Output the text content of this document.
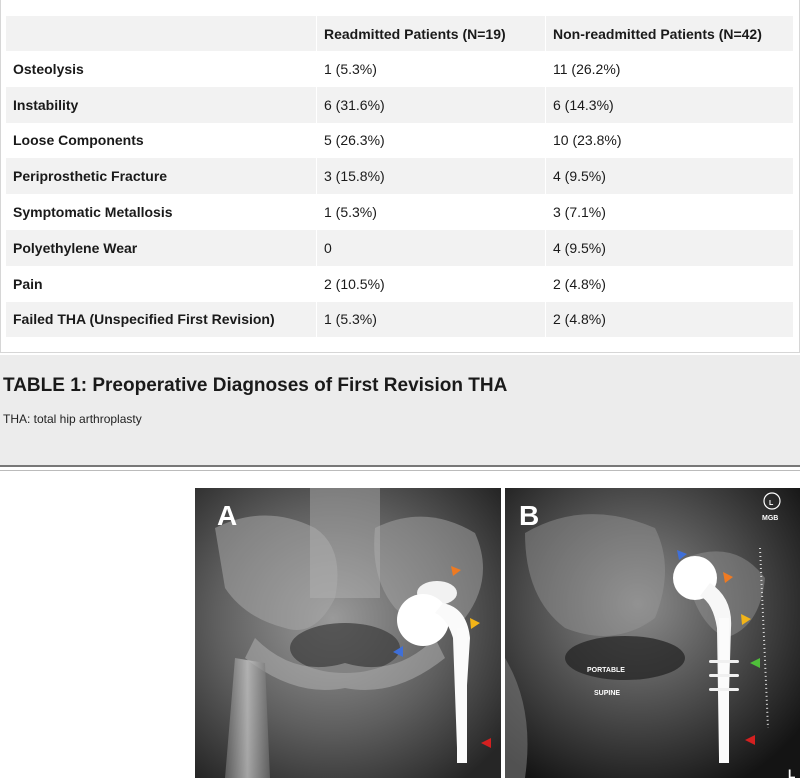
	Readmitted Patients (N=19)	Non-readmitted Patients (N=42)
Osteolysis	1 (5.3%)	11 (26.2%)
Instability	6 (31.6%)	6 (14.3%)
Loose Components	5 (26.3%)	10 (23.8%)
Periprosthetic Fracture	3 (15.8%)	4 (9.5%)
Symptomatic Metallosis	1 (5.3%)	3 (7.1%)
Polyethylene Wear	0	4 (9.5%)
Pain	2 (10.5%)	2 (4.8%)
Failed THA (Unspecified First Revision)	1 (5.3%)	2 (4.8%)
TABLE 1: Preoperative Diagnoses of First Revision THA
THA: total hip arthroplasty
A	L
MGB
PORTABLE
SUPINE
L
B
